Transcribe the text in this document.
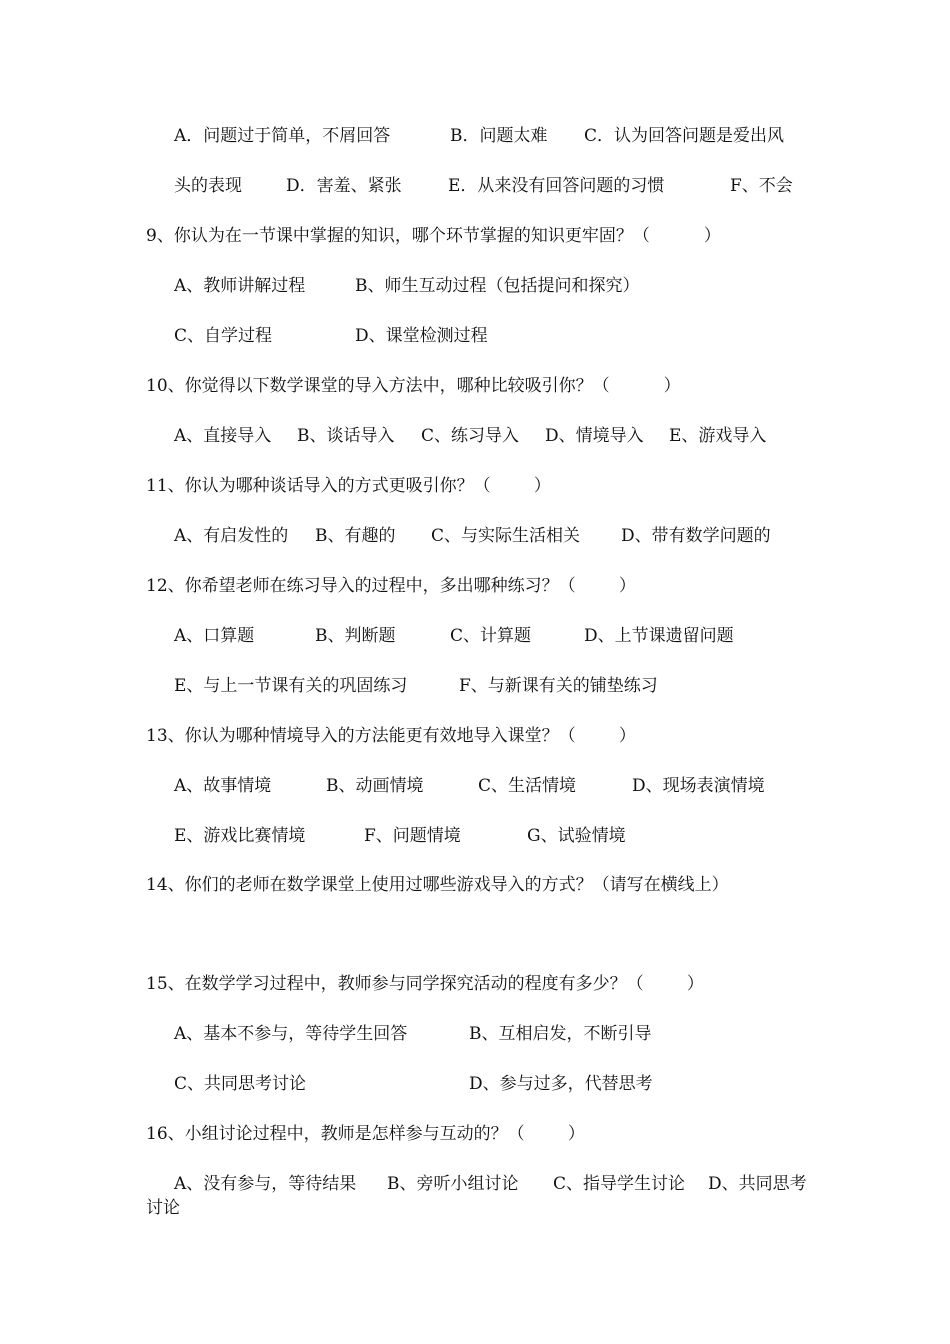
A．问题过于简单，不屑回答

	B．问题太难

C．认为回答问题是爱出风

头的表现

	D．害羞、紧张

	E．从来没有回答问题的习惯

	F、不会

9、你认为在一节课中掌握的知识，哪个环节掌握的知识更牢固？（          ）

A、教师讲解过程

	B、师生互动过程（包括提问和探究）

C、自学过程

	D、课堂检测过程

10、你觉得以下数学课堂的导入方法中，哪种比较吸引你？（          ）

A、直接导入

B、谈话导入

C、练习导入

D、情境导入

E、游戏导入

11、你认为哪种谈话导入的方式更吸引你？（        ）

A、有启发性的

B、有趣的

C、与实际生活相关

D、带有数学问题的

12、你希望老师在练习导入的过程中，多出哪种练习？（        ）

A、口算题

	B、判断题

	C、计算题

	D、上节课遗留问题

E、与上一节课有关的巩固练习

	F、与新课有关的铺垫练习

13、你认为哪种情境导入的方法能更有效地导入课堂？（        ）

A、故事情境

	B、动画情境

	C、生活情境

	D、现场表演情境

E、游戏比赛情境

	F、问题情境

	G、试验情境

14、你们的老师在数学课堂上使用过哪些游戏导入的方式？（请写在横线上）

15、在数学学习过程中，教师参与同学探究活动的程度有多少？（        ）

A、基本不参与，等待学生回答

	B、互相启发，不断引导

C、共同思考讨论

	D、参与过多，代替思考

16、小组讨论过程中，教师是怎样参与互动的？（        ）

A、没有参与，等待结果

B、旁听小组讨论

C、指导学生讨论

D、共同思考

讨论
